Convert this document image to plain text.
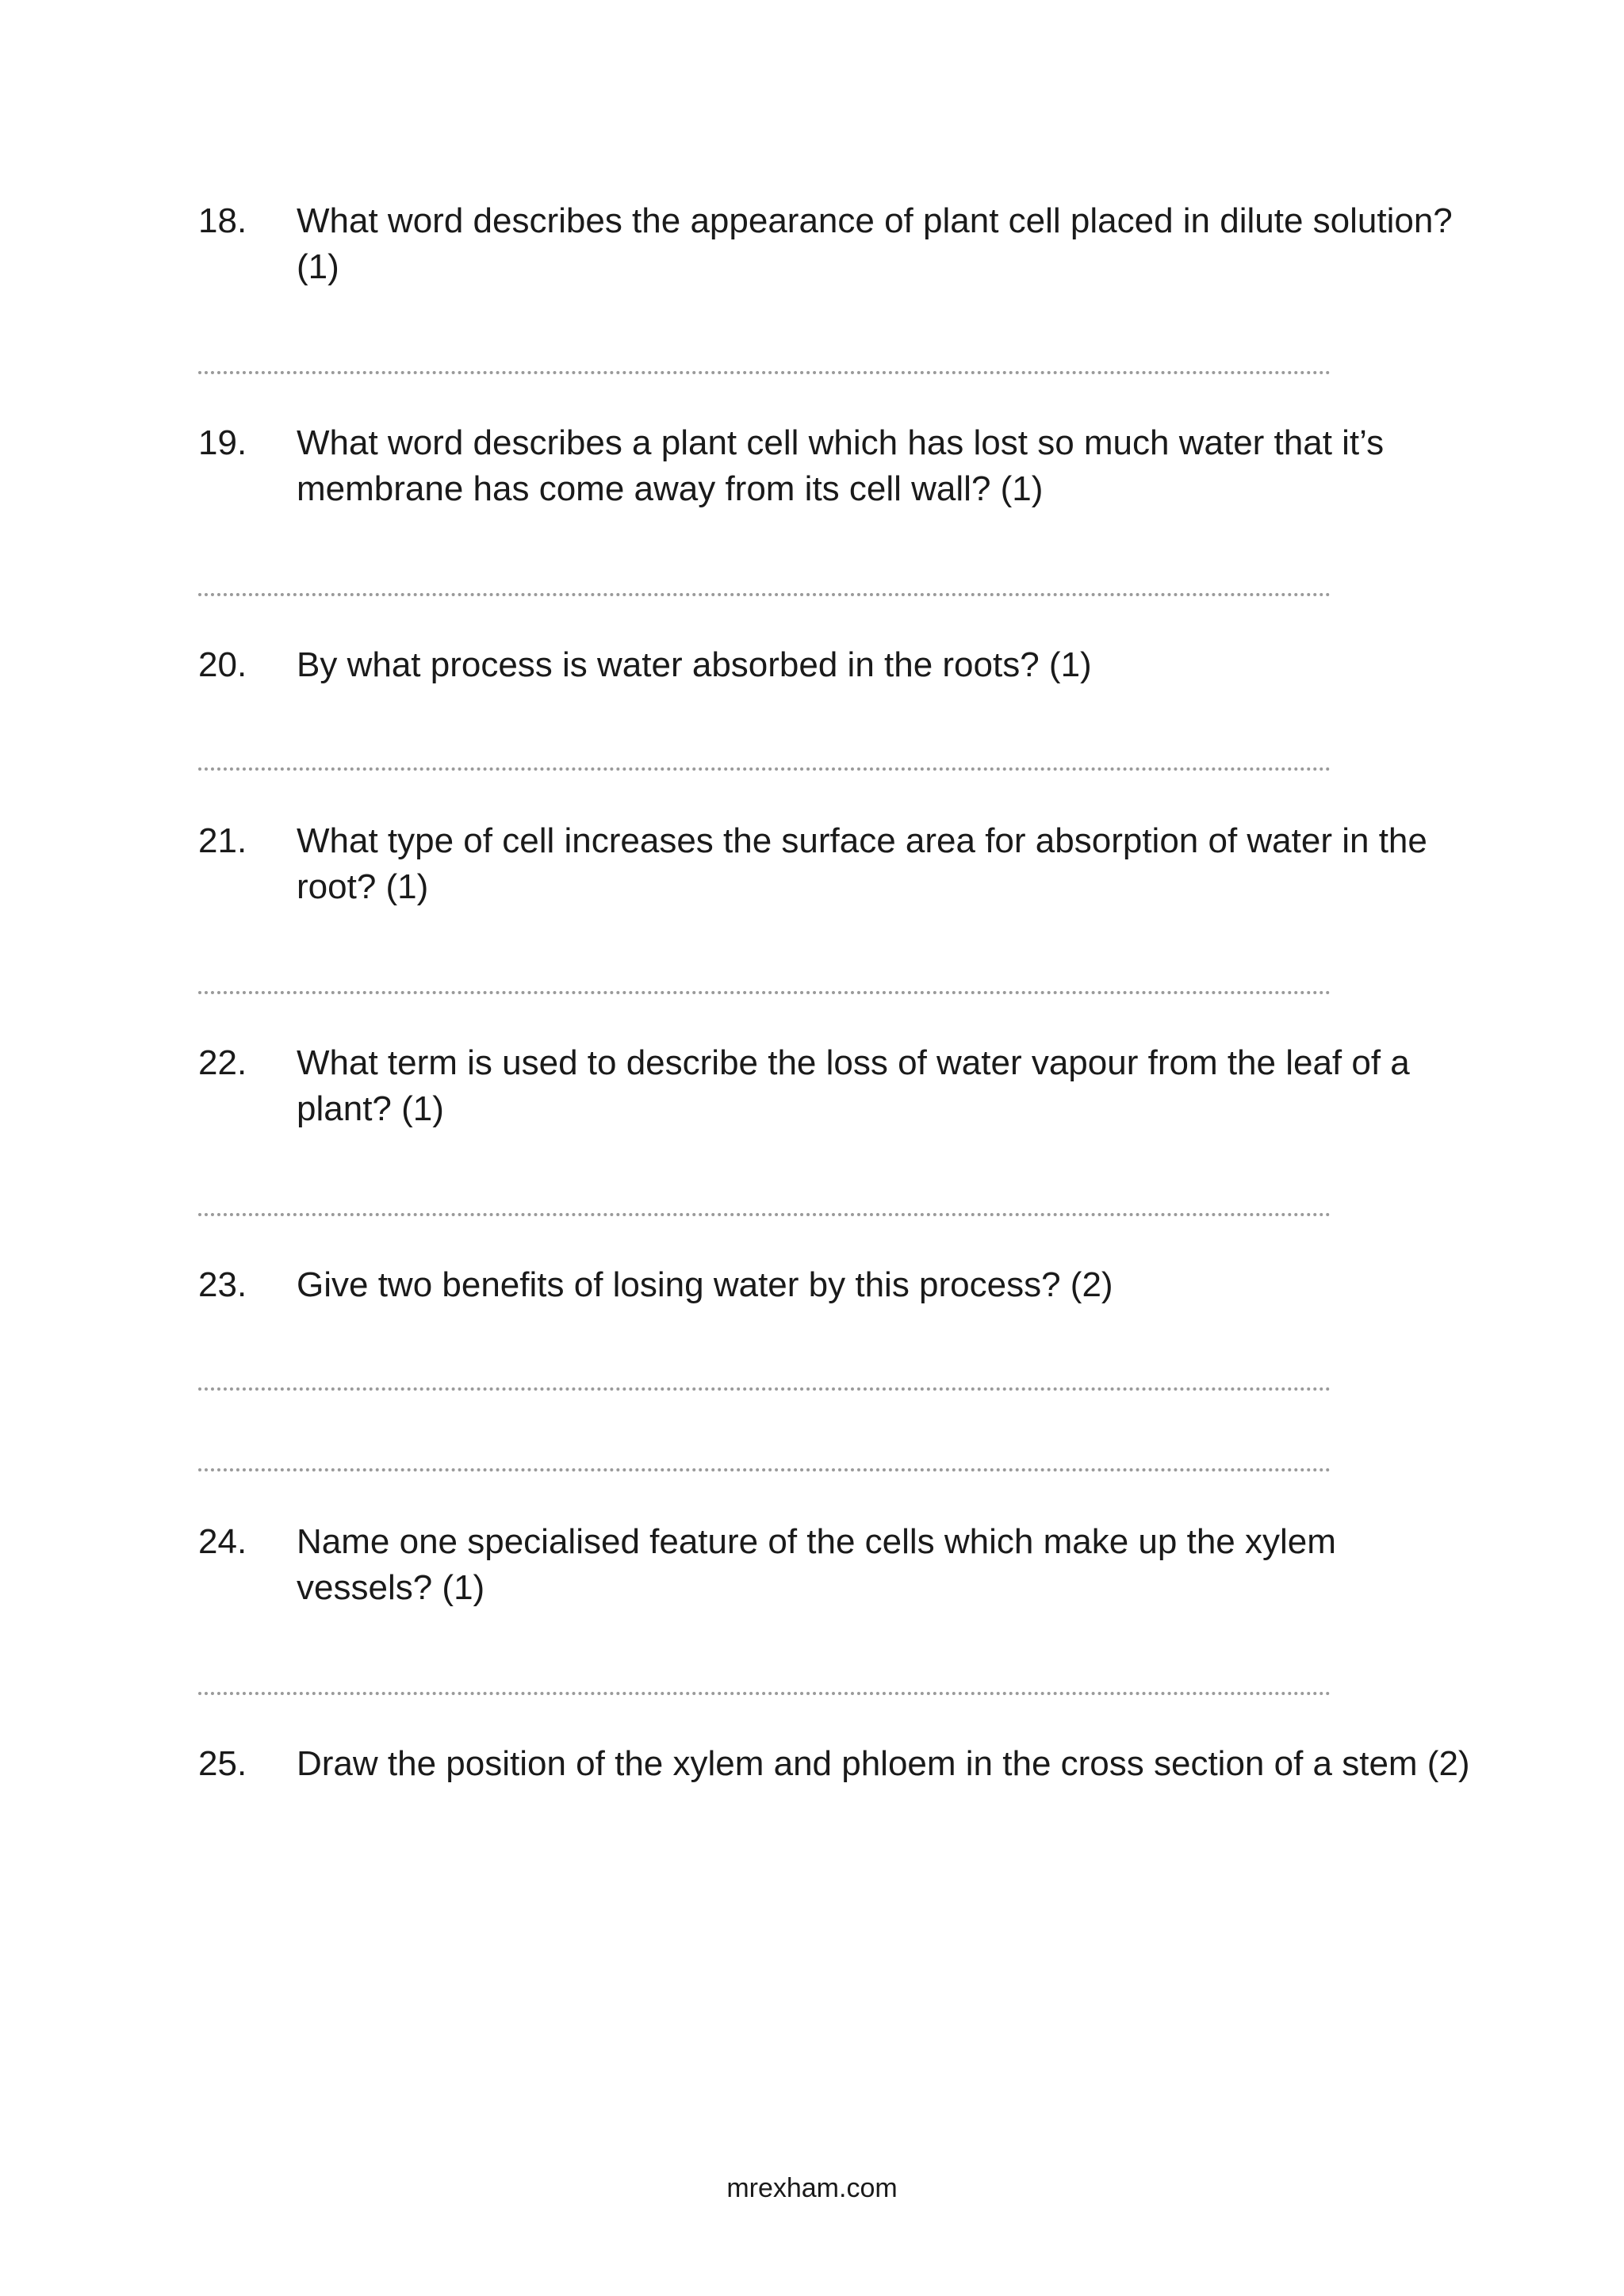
18.	What word describes the appearance of plant cell placed in dilute solution? (1)
19.	What word describes a plant cell which has lost so much water that it’s membrane has come away from its cell wall? (1)
20.	By what process is water absorbed in the roots? (1)
21.	What type of cell increases the surface area for absorption of water in the root? (1)
22.	What term is used to describe the loss of water vapour from the leaf of a plant? (1)
23.	Give two benefits of losing water by this process? (2)
24.	Name one specialised feature of the cells which make up the xylem vessels? (1)
25.	Draw the position of the xylem and phloem in the cross section of a stem (2)
mrexham.com
